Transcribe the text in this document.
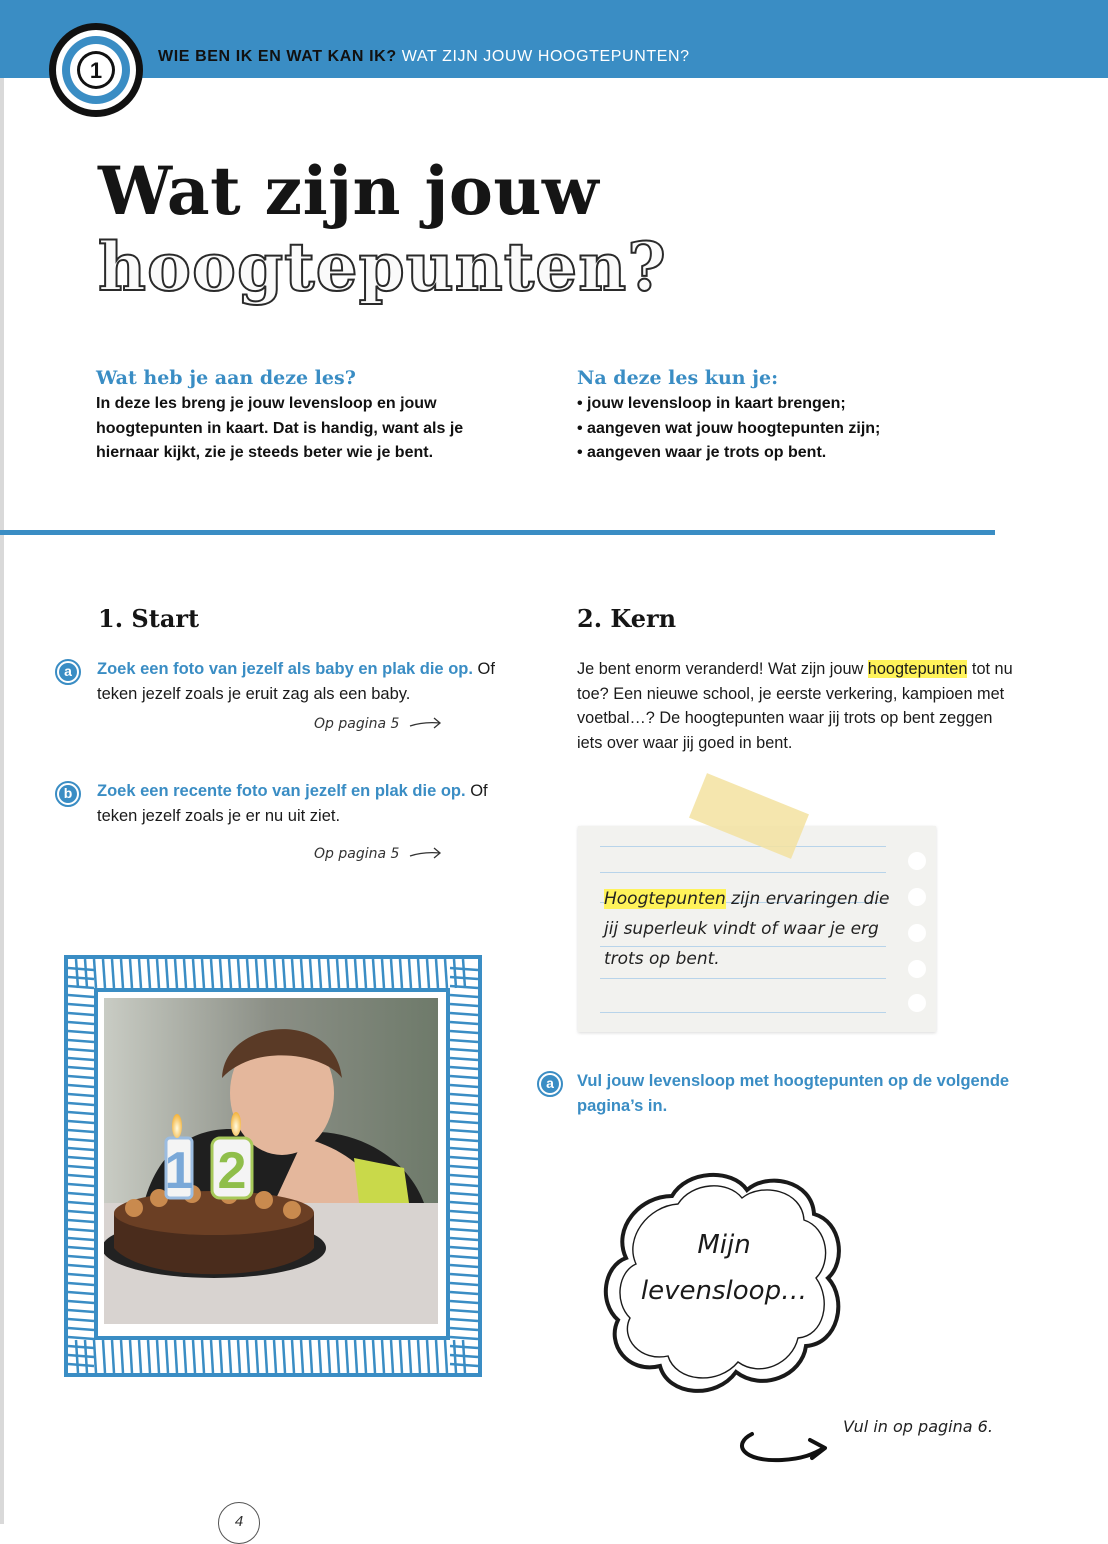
WIE BEN IK EN WAT KAN IK? WAT ZIJN JOUW HOOGTEPUNTEN?
1
Wat zijn jouw
hoogtepunten?
Wat heb je aan deze les?
In deze les breng je jouw levensloop en jouw hoogtepunten in kaart. Dat is handig, want als je hiernaar kijkt, zie je steeds beter wie je bent.
Na deze les kun je:
• jouw levensloop in kaart brengen;
• aangeven wat jouw hoogtepunten zijn;
• aangeven waar je trots op bent.
1. Start
a	Zoek een foto van jezelf als baby en plak die op. Of teken jezelf zoals je eruit zag als een baby.
Op pagina 5
b Zoek een recente foto van jezelf en plak die op. Of teken jezelf zoals je er nu uit ziet.
Op pagina 5
1 2
2. Kern
Je bent enorm veranderd! Wat zijn jouw hoogtepunten tot nu toe? Een nieuwe school, je eerste verkering, kampioen met voetbal…? De hoogtepunten waar jij trots op bent zeggen iets over waar jij goed in bent.
Hoogtepunten zijn ervaringen die jij superleuk vindt of waar je erg trots op bent.
a	Vul jouw levensloop met hoogtepunten op de volgende pagina’s in.
Mijn
levensloop…
Vul in op pagina 6.
4
